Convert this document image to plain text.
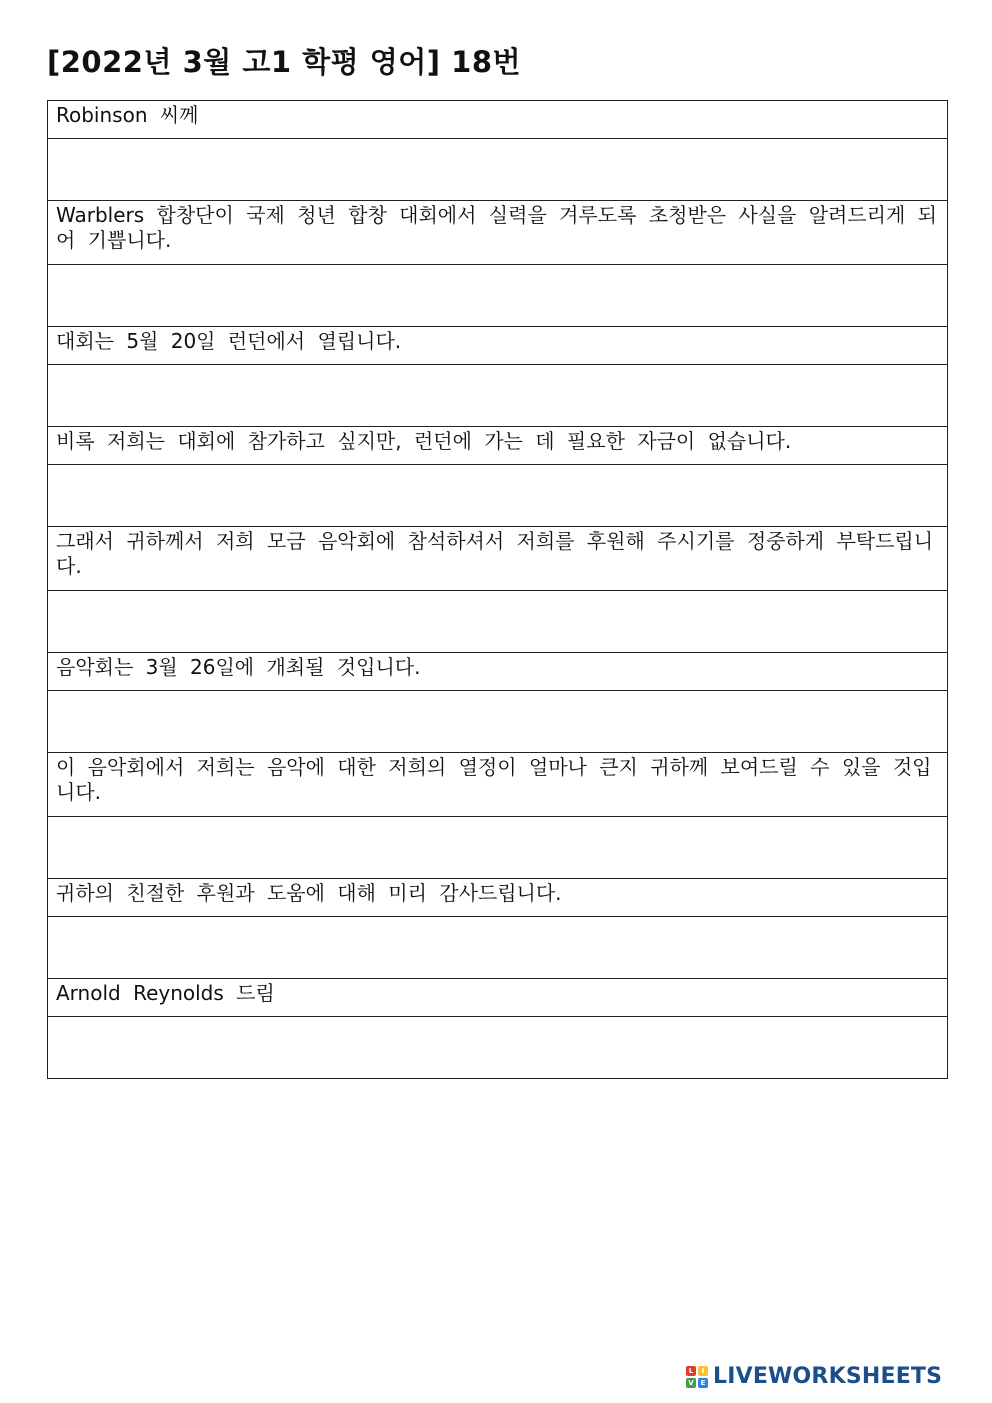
[2022년 3월 고1 학평 영어] 18번
Robinson 씨께
Warblers 합창단이 국제 청년 합창 대회에서 실력을 겨루도록 초청받은 사실을 알려드리게 되어 기쁩니다.
대회는 5월 20일 런던에서 열립니다.
비록 저희는 대회에 참가하고 싶지만, 런던에 가는 데 필요한 자금이 없습니다.
그래서 귀하께서 저희 모금 음악회에 참석하셔서 저희를 후원해 주시기를 정중하게 부탁드립니다.
음악회는 3월 26일에 개최될 것입니다.
이 음악회에서 저희는 음악에 대한 저희의 열정이 얼마나 큰지 귀하께 보여드릴 수 있을 것입니다.
귀하의 친절한 후원과 도움에 대해 미리 감사드립니다.
Arnold Reynolds 드림
L	I
V E LIVEWORKSHEETS
